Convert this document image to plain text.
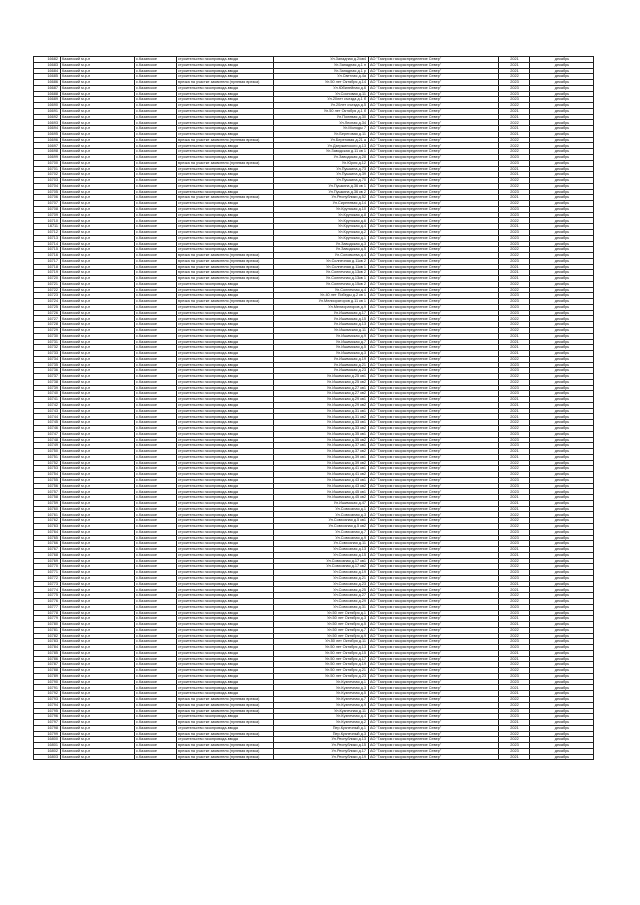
16682	Казанский м.р-н	с.Казанское	строительство газопровода-ввода	Ул.Западная д.2/кв4	АО "Газпром газораспределение Север"	2021	декабрь
16683	Казанский м.р-н	с.Казанское	строительство газопровода-ввода	Ул.Западная д.1 п	АО "Газпром газораспределение Север"	2021	декабрь
16684	Казанский м.р-н	с.Казанское	строительство газопровода-ввода	Ул.Западная д.1 р	АО "Газпром газораспределение Север"	2021	декабрь
16685	Казанский м.р-н	с.Казанское	строительство газопровода-ввода	Ул.Светлая д.4а	АО "Газпром газораспределение Север"	2022	декабрь
16686	Казанский м.р-н	с.Казанское	врезка на участке заявителя (нулевая врезка)	Ул.50 лет Октября д.14	АО "Газпром газораспределение Север"	2023	декабрь
16687	Казанский м.р-н	с.Казанское	строительство газопровода-ввода	Ул.Юбилейная д.6	АО "Газпром газораспределение Север"	2023	декабрь
16688	Казанский м.р-н	с.Казанское	строительство газопровода-ввода	Ул.Сосновая д.11	АО "Газпром газораспределение Север"	2023	декабрь
16689	Казанский м.р-н	с.Казанское	строительство газопровода-ввода	Ул.20лет съезда д.1 б	АО "Газпром газораспределение Север"	2023	декабрь
16690	Казанский м.р-н	с.Казанское	строительство газопровода-ввода	Ул.20лет съезда д.5	АО "Газпром газораспределение Север"	2022	декабрь
16691	Казанский м.р-н	с.Казанское	строительство газопровода-ввода	Ул.50 лет Октября д.1 б	АО "Газпром газораспределение Север"	2021	декабрь
16692	Казанский м.р-н	с.Казанское	строительство газопровода-ввода	Ул.Полевая д.30	АО "Газпром газораспределение Север"	2021	декабрь
16693	Казанский м.р-н	с.Казанское	строительство газопровода-ввода	Ул.Лесная д.34	АО "Газпром газораспределение Север"	2022	декабрь
16694	Казанский м.р-н	с.Казанское	строительство газопровода-ввода	Ул.Молоды 7	АО "Газпром газораспределение Север"	2021	декабрь
16695	Казанский м.р-н	с.Казанское	строительство газопровода-ввода	Ул.Береговая д.11	АО "Газпром газораспределение Север"	2021	декабрь
16696	Казанский м.р-н	с.Казанское	врезка на участке заявителя (нулевая врезка)	Ул.Береговая д.21 а	АО "Газпром газораспределение Север"	2022	декабрь
16697	Казанский м.р-н	с.Казанское	строительство газопровода-ввода	Ул.Дзержинского д.13	АО "Газпром газораспределение Север"	2022	декабрь
16698	Казанский м.р-н	с.Казанское	строительство газопровода-ввода	Ул.Заводская д.11 кв 1	АО "Газпром газораспределение Север"	2022	декабрь
16699	Казанский м.р-н	с.Казанское	строительство газопровода-ввода	Ул.Заводская д.28	АО "Газпром газораспределение Север"	2023	декабрь
16700	Казанский м.р-н	с.Казанское	врезка на участке заявителя (нулевая врезка)	Ул.Юрия д.12	АО "Газпром газораспределение Север"	2023	декабрь
16701	Казанский м.р-н	с.Казанское	строительство газопровода-ввода	Ул.Пушкина д.73	АО "Газпром газораспределение Север"	2021	декабрь
16702	Казанский м.р-н	с.Казанское	строительство газопровода-ввода	Ул.Пушкина д.39	АО "Газпром газораспределение Север"	2021	декабрь
16703	Казанский м.р-н	с.Казанское	строительство газопровода-ввода	Ул.Пушкина д.70	АО "Газпром газораспределение Север"	2022	декабрь
16704	Казанский м.р-н	с.Казанское	строительство газопровода-ввода	Ул.Пушкина д.36 кв 1	АО "Газпром газораспределение Север"	2022	декабрь
16705	Казанский м.р-н	с.Казанское	строительство газопровода-ввода	Ул.Пушкина д.36 кв 2	АО "Газпром газораспределение Север"	2023	декабрь
16706	Казанский м.р-н	с.Казанское	врезка на участке заявителя (нулевая врезка)	Ул.Республики д.52	АО "Газпром газораспределение Север"	2021	декабрь
16707	Казанский м.р-н	с.Казанское	строительство газопровода-ввода	Ул.Сиреневая д.14	АО "Газпром газораспределение Север"	2022	декабрь
16708	Казанский м.р-н	с.Казанское	строительство газопровода-ввода	Ул.Крупская д.10	АО "Газпром газораспределение Север"	2023	декабрь
16709	Казанский м.р-н	с.Казанское	строительство газопровода-ввода	Ул.Крупская д.8	АО "Газпром газораспределение Север"	2023	декабрь
16710	Казанский м.р-н	с.Казанское	строительство газопровода-ввода	Ул.Крупская д.6	АО "Газпром газораспределение Север"	2022	декабрь
16711	Казанский м.р-н	с.Казанское	строительство газопровода-ввода	Ул.Крупская д.4	АО "Газпром газораспределение Север"	2021	декабрь
16712	Казанский м.р-н	с.Казанское	строительство газопровода-ввода	Ул.Крупская д.2	АО "Газпром газораспределение Север"	2023	декабрь
16713	Казанский м.р-н	с.Казанское	строительство газопровода-ввода	Ул.Крупская д.1	АО "Газпром газораспределение Север"	2023	декабрь
16714	Казанский м.р-н	с.Казанское	строительство газопровода-ввода	Ул.Заводская д.3	АО "Газпром газораспределение Север"	2023	декабрь
16715	Казанский м.р-н	с.Казанское	строительство газопровода-ввода	Ул.Заводская д.5	АО "Газпром газораспределение Север"	2022	декабрь
16716	Казанский м.р-н	с.Казанское	врезка на участке заявителя (нулевая врезка)	Ул.Соловьева д.4	АО "Газпром газораспределение Север"	2022	декабрь
16717	Казанский м.р-н	с.Казанское	врезка на участке заявителя (нулевая врезка)	Ул.Солнечная д.11кв 2	АО "Газпром газораспределение Север"	2023	декабрь
16718	Казанский м.р-н	с.Казанское	врезка на участке заявителя (нулевая врезка)	Ул.Солнечная д.11кв 1	АО "Газпром газораспределение Север"	2021	декабрь
16719	Казанский м.р-н	с.Казанское	врезка на участке заявителя (нулевая врезка)	Ул.Солнечная д.13кв 2	АО "Газпром газораспределение Север"	2021	декабрь
16720	Казанский м.р-н	с.Казанское	врезка на участке заявителя (нулевая врезка)	Ул.Солнечная д.13кв 1	АО "Газпром газораспределение Север"	2021	декабрь
16721	Казанский м.р-н	с.Казанское	строительство газопровода-ввода	Ул.Солнечная д.15кв 2	АО "Газпром газораспределение Север"	2022	декабрь
16722	Казанский м.р-н	с.Казанское	строительство газопровода-ввода	Ул.Солнечная д.4	АО "Газпром газораспределение Север"	2022	декабрь
16723	Казанский м.р-н	с.Казанское	строительство газопровода-ввода	Ул.40 лет Победы д.2 кв 1	АО "Газпром газораспределение Север"	2023	декабрь
16724	Казанский м.р-н	с.Казанское	врезка на участке заявителя (нулевая врезка)	Ул.Мелиораторов д.11 кв 1	АО "Газпром газораспределение Север"	2023	декабрь
16725	Казанский м.р-н	с.Казанское	строительство газопровода-ввода	Ул.Мелиораторов д.9	АО "Газпром газораспределение Север"	2023	декабрь
16726	Казанский м.р-н	с.Казанское	строительство газопровода-ввода	Ул.Ишимская д.17	АО "Газпром газораспределение Север"	2023	декабрь
16727	Казанский м.р-н	с.Казанское	строительство газопровода-ввода	Ул.Ишимская д.15	АО "Газпром газораспределение Север"	2022	декабрь
16728	Казанский м.р-н	с.Казанское	строительство газопровода-ввода	Ул.Ишимская д.13	АО "Газпром газораспределение Север"	2022	декабрь
16729	Казанский м.р-н	с.Казанское	строительство газопровода-ввода	Ул.Ишимская д.11	АО "Газпром газораспределение Север"	2022	декабрь
16730	Казанский м.р-н	с.Казанское	строительство газопровода-ввода	Ул.Ишимская д.9	АО "Газпром газораспределение Север"	2021	декабрь
16731	Казанский м.р-н	с.Казанское	строительство газопровода-ввода	Ул.Ишимская д.7	АО "Газпром газораспределение Север"	2021	декабрь
16732	Казанский м.р-н	с.Казанское	строительство газопровода-ввода	Ул.Ишимская д.5	АО "Газпром газораспределение Север"	2021	декабрь
16733	Казанский м.р-н	с.Казанское	строительство газопровода-ввода	Ул.Ишимская д.3	АО "Газпром газораспределение Север"	2021	декабрь
16734	Казанский м.р-н	с.Казанское	строительство газопровода-ввода	Ул.Ишимская д.19	АО "Газпром газораспределение Север"	2022	декабрь
16735	Казанский м.р-н	с.Казанское	строительство газопровода-ввода	Ул.Ишимская д.21	АО "Газпром газораспределение Север"	2023	декабрь
16736	Казанский м.р-н	с.Казанское	строительство газопровода-ввода	Ул.Ишимская д.23	АО "Газпром газораспределение Север"	2023	декабрь
16737	Казанский м.р-н	с.Казанское	строительство газопровода-ввода	Ул.Ишимская д.25 кв1	АО "Газпром газораспределение Север"	2022	декабрь
16738	Казанский м.р-н	с.Казанское	строительство газопровода-ввода	Ул.Ишимская д.25 кв2	АО "Газпром газораспределение Север"	2022	декабрь
16739	Казанский м.р-н	с.Казанское	строительство газопровода-ввода	Ул.Ишимская д.27 кв1	АО "Газпром газораспределение Север"	2023	декабрь
16740	Казанский м.р-н	с.Казанское	строительство газопровода-ввода	Ул.Ишимская д.27 кв2	АО "Газпром газораспределение Север"	2023	декабрь
16741	Казанский м.р-н	с.Казанское	строительство газопровода-ввода	Ул.Ишимская д.29 кв1	АО "Газпром газораспределение Север"	2021	декабрь
16742	Казанский м.р-н	с.Казанское	строительство газопровода-ввода	Ул.Ишимская д.29 кв2	АО "Газпром газораспределение Север"	2021	декабрь
16743	Казанский м.р-н	с.Казанское	строительство газопровода-ввода	Ул.Ишимская д.31 кв1	АО "Газпром газораспределение Север"	2021	декабрь
16744	Казанский м.р-н	с.Казанское	строительство газопровода-ввода	Ул.Ишимская д.31 кв2	АО "Газпром газораспределение Север"	2021	декабрь
16745	Казанский м.р-н	с.Казанское	строительство газопровода-ввода	Ул.Ишимская д.33 кв1	АО "Газпром газораспределение Север"	2022	декабрь
16746	Казанский м.р-н	с.Казанское	строительство газопровода-ввода	Ул.Ишимская д.33 кв2	АО "Газпром газораспределение Север"	2022	декабрь
16747	Казанский м.р-н	с.Казанское	строительство газопровода-ввода	Ул.Ишимская д.35 кв1	АО "Газпром газораспределение Север"	2023	декабрь
16748	Казанский м.р-н	с.Казанское	строительство газопровода-ввода	Ул.Ишимская д.35 кв2	АО "Газпром газораспределение Север"	2023	декабрь
16749	Казанский м.р-н	с.Казанское	строительство газопровода-ввода	Ул.Ишимская д.37 кв1	АО "Газпром газораспределение Север"	2023	декабрь
16750	Казанский м.р-н	с.Казанское	строительство газопровода-ввода	Ул.Ишимская д.37 кв2	АО "Газпром газораспределение Север"	2021	декабрь
16751	Казанский м.р-н	с.Казанское	строительство газопровода-ввода	Ул.Ишимская д.39 кв1	АО "Газпром газораспределение Север"	2021	декабрь
16752	Казанский м.р-н	с.Казанское	строительство газопровода-ввода	Ул.Ишимская д.39 кв2	АО "Газпром газораспределение Север"	2022	декабрь
16753	Казанский м.р-н	с.Казанское	строительство газопровода-ввода	Ул.Ишимская д.41 кв1	АО "Газпром газораспределение Север"	2022	декабрь
16754	Казанский м.р-н	с.Казанское	строительство газопровода-ввода	Ул.Ишимская д.41 кв2	АО "Газпром газораспределение Север"	2022	декабрь
16755	Казанский м.р-н	с.Казанское	строительство газопровода-ввода	Ул.Ишимская д.43 кв1	АО "Газпром газораспределение Север"	2023	декабрь
16756	Казанский м.р-н	с.Казанское	строительство газопровода-ввода	Ул.Ишимская д.43 кв2	АО "Газпром газораспределение Север"	2023	декабрь
16757	Казанский м.р-н	с.Казанское	строительство газопровода-ввода	Ул.Ишимская д.45 кв1	АО "Газпром газораспределение Север"	2023	декабрь
16758	Казанский м.р-н	с.Казанское	строительство газопровода-ввода	Ул.Ишимская д.45 кв2	АО "Газпром газораспределение Север"	2021	декабрь
16759	Казанский м.р-н	с.Казанское	строительство газопровода-ввода	Ул.Ишимская д.47	АО "Газпром газораспределение Север"	2021	декабрь
16760	Казанский м.р-н	с.Казанское	строительство газопровода-ввода	Ул.Совхозная д.1	АО "Газпром газораспределение Север"	2021	декабрь
16761	Казанский м.р-н	с.Казанское	строительство газопровода-ввода	Ул.Совхозная д.3	АО "Газпром газораспределение Север"	2022	декабрь
16762	Казанский м.р-н	с.Казанское	строительство газопровода-ввода	Ул.Совхозная д.5 кв1	АО "Газпром газораспределение Север"	2022	декабрь
16763	Казанский м.р-н	с.Казанское	строительство газопровода-ввода	Ул.Совхозная д.5 кв2	АО "Газпром газораспределение Север"	2022	декабрь
16764	Казанский м.р-н	с.Казанское	строительство газопровода-ввода	Ул.Совхозная д.7	АО "Газпром газораспределение Север"	2023	декабрь
16765	Казанский м.р-н	с.Казанское	строительство газопровода-ввода	Ул.Совхозная д.9	АО "Газпром газораспределение Север"	2023	декабрь
16766	Казанский м.р-н	с.Казанское	строительство газопровода-ввода	Ул.Совхозная д.11	АО "Газпром газораспределение Север"	2023	декабрь
16767	Казанский м.р-н	с.Казанское	строительство газопровода-ввода	Ул.Совхозная д.13	АО "Газпром газораспределение Север"	2021	декабрь
16768	Казанский м.р-н	с.Казанское	строительство газопровода-ввода	Ул.Совхозная д.15	АО "Газпром газораспределение Север"	2021	декабрь
16769	Казанский м.р-н	с.Казанское	строительство газопровода-ввода	Ул.Совхозная д.17 кв1	АО "Газпром газораспределение Север"	2022	декабрь
16770	Казанский м.р-н	с.Казанское	строительство газопровода-ввода	Ул.Совхозная д.17 кв2	АО "Газпром газораспределение Север"	2022	декабрь
16771	Казанский м.р-н	с.Казанское	строительство газопровода-ввода	Ул.Совхозная д.19	АО "Газпром газораспределение Север"	2023	декабрь
16772	Казанский м.р-н	с.Казанское	строительство газопровода-ввода	Ул.Совхозная д.21	АО "Газпром газораспределение Север"	2023	декабрь
16773	Казанский м.р-н	с.Казанское	строительство газопровода-ввода	Ул.Совхозная д.23	АО "Газпром газораспределение Север"	2021	декабрь
16774	Казанский м.р-н	с.Казанское	строительство газопровода-ввода	Ул.Совхозная д.25	АО "Газпром газораспределение Север"	2021	декабрь
16775	Казанский м.р-н	с.Казанское	строительство газопровода-ввода	Ул.Совхозная д.27	АО "Газпром газораспределение Север"	2022	декабрь
16776	Казанский м.р-н	с.Казанское	строительство газопровода-ввода	Ул.Совхозная д.29	АО "Газпром газораспределение Север"	2022	декабрь
16777	Казанский м.р-н	с.Казанское	строительство газопровода-ввода	Ул.Совхозная д.31	АО "Газпром газораспределение Север"	2023	декабрь
16778	Казанский м.р-н	с.Казанское	строительство газопровода-ввода	Ул.50 лет Октября д.1	АО "Газпром газораспределение Север"	2023	декабрь
16779	Казанский м.р-н	с.Казанское	строительство газопровода-ввода	Ул.50 лет Октября д.3	АО "Газпром газораспределение Север"	2021	декабрь
16780	Казанский м.р-н	с.Казанское	строительство газопровода-ввода	Ул.50 лет Октября д.5	АО "Газпром газораспределение Север"	2021	декабрь
16781	Казанский м.р-н	с.Казанское	строительство газопровода-ввода	Ул.50 лет Октября д.7	АО "Газпром газораспределение Север"	2022	декабрь
16782	Казанский м.р-н	с.Казанское	строительство газопровода-ввода	Ул.50 лет Октября д.9	АО "Газпром газораспределение Север"	2022	декабрь
16783	Казанский м.р-н	с.Казанское	строительство газопровода-ввода	Ул.50 лет Октября д.11	АО "Газпром газораспределение Север"	2023	декабрь
16784	Казанский м.р-н	с.Казанское	строительство газопровода-ввода	Ул.50 лет Октября д.13	АО "Газпром газораспределение Север"	2023	декабрь
16785	Казанский м.р-н	с.Казанское	строительство газопровода-ввода	Ул.50 лет Октября д.15	АО "Газпром газораспределение Север"	2021	декабрь
16786	Казанский м.р-н	с.Казанское	строительство газопровода-ввода	Ул.50 лет Октября д.17	АО "Газпром газораспределение Север"	2021	декабрь
16787	Казанский м.р-н	с.Казанское	строительство газопровода-ввода	Ул.50 лет Октября д.19	АО "Газпром газораспределение Север"	2022	декабрь
16788	Казанский м.р-н	с.Казанское	строительство газопровода-ввода	Ул.50 лет Октября д.21	АО "Газпром газораспределение Север"	2022	декабрь
16789	Казанский м.р-н	с.Казанское	строительство газопровода-ввода	Ул.50 лет Октября д.23	АО "Газпром газораспределение Север"	2023	декабрь
16790	Казанский м.р-н	с.Казанское	строительство газопровода-ввода	Ул.Кузнечная д.1	АО "Газпром газораспределение Север"	2023	декабрь
16791	Казанский м.р-н	с.Казанское	строительство газопровода-ввода	Ул.Кузнечная д.3	АО "Газпром газораспределение Север"	2021	декабрь
16792	Казанский м.р-н	с.Казанское	строительство газопровода-ввода	Ул.Кузнечная д.5	АО "Газпром газораспределение Север"	2021	декабрь
16793	Казанский м.р-н	с.Казанское	врезка на участке заявителя (нулевая врезка)	Ул.Кузнечная д.7	АО "Газпром газораспределение Север"	2022	декабрь
16794	Казанский м.р-н	с.Казанское	врезка на участке заявителя (нулевая врезка)	Ул.Кузнечная д.9	АО "Газпром газораспределение Север"	2022	декабрь
16795	Казанский м.р-н	с.Казанское	врезка на участке заявителя (нулевая врезка)	Ул.Кузнечная д.11	АО "Газпром газораспределение Север"	2023	декабрь
16796	Казанский м.р-н	с.Казанское	строительство газопровода-ввода	Ул.Кузнечная д.4	АО "Газпром газораспределение Север"	2023	декабрь
16797	Казанский м.р-н	с.Казанское	врезка на участке заявителя (нулевая врезка)	Ул.Кузнечная д.2	АО "Газпром газораспределение Север"	2021	декабрь
16798	Казанский м.р-н	с.Казанское	строительство газопровода-ввода	Пер.Кузнечный д.1	АО "Газпром газораспределение Север"	2021	декабрь
16799	Казанский м.р-н	с.Казанское	врезка на участке заявителя (нулевая врезка)	Пер.Кузнечный д.3	АО "Газпром газораспределение Север"	2022	декабрь
16800	Казанский м.р-н	с.Казанское	строительство газопровода-ввода	Ул.Республики д.13	АО "Газпром газораспределение Север"	2022	декабрь
16801	Казанский м.р-н	с.Казанское	врезка на участке заявителя (нулевая врезка)	Ул.Республики д.15	АО "Газпром газораспределение Север"	2023	декабрь
16802	Казанский м.р-н	с.Казанское	врезка на участке заявителя (нулевая врезка)	Ул.Республики д.17	АО "Газпром газораспределение Север"	2023	декабрь
16803	Казанский м.р-н	с.Казанское	врезка на участке заявителя (нулевая врезка)	Ул.Республики д.19	АО "Газпром газораспределение Север"	2021	декабрь
